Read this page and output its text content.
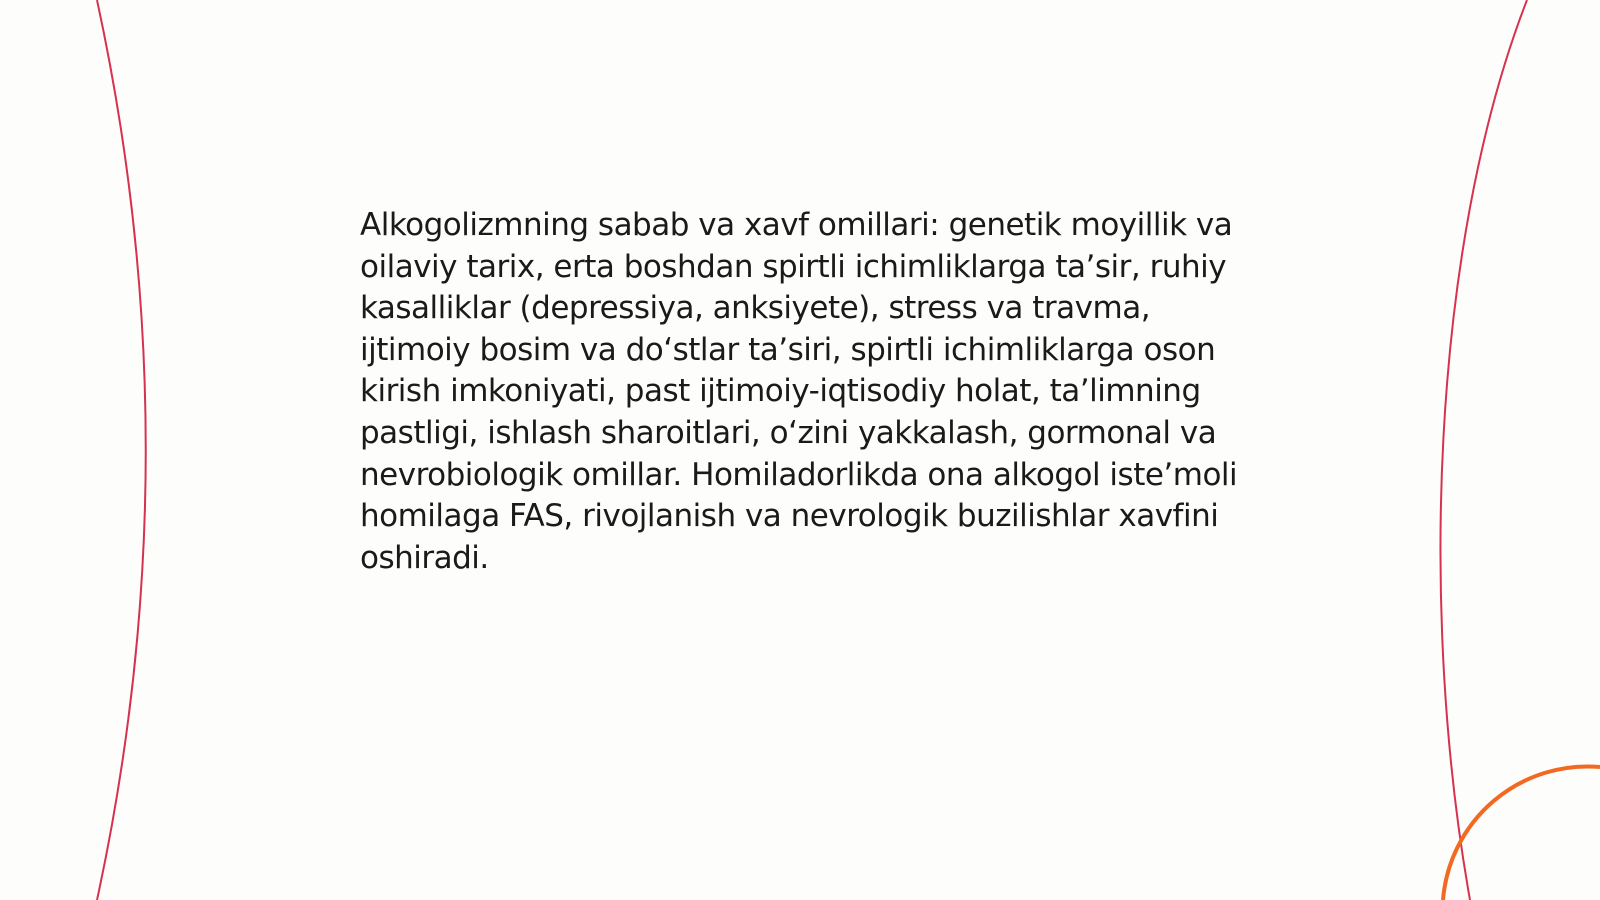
Alkogolizmning sabab va xavf omillari: genetik moyillik va oilaviy tarix, erta boshdan spirtli ichimliklarga ta’sir, ruhiy kasalliklar (depressiya, anksiyete), stress va travma, ijtimoiy bosim va do‘stlar ta’siri, spirtli ichimliklarga oson kirish imkoniyati, past ijtimoiy-iqtisodiy holat, ta’limning pastligi, ishlash sharoitlari, o‘zini yakkalash, gormonal va nevrobiologik omillar. Homiladorlikda ona alkogol iste’moli homilaga FAS, rivojlanish va nevrologik buzilishlar xavfini oshiradi.
